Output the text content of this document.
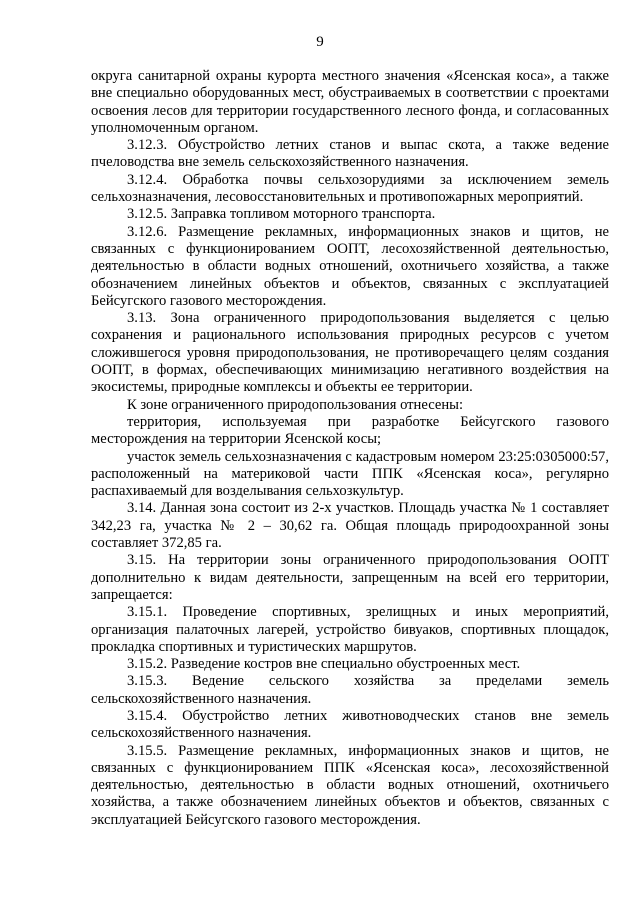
9

округа санитарной охраны курорта местного значения «Ясенская коса», а также вне специально оборудованных мест, обустраиваемых в соответствии с проектами освоения лесов для территории государственного лесного фонда, и согласованных уполномоченным органом.

3.12.3. Обустройство летних станов и выпас скота, а также ведение пчеловодства вне земель сельскохозяйственного назначения.

3.12.4. Обработка почвы сельхозорудиями за исключением земель сельхозназначения, лесовосстановительных и противопожарных мероприятий.

3.12.5. Заправка топливом моторного транспорта.

3.12.6. Размещение рекламных, информационных знаков и щитов, не связанных с функционированием ООПТ, лесохозяйственной деятельностью, деятельностью в области водных отношений, охотничьего хозяйства, а также обозначением линейных объектов и объектов, связанных с эксплуатацией Бейсугского газового месторождения.

3.13. Зона ограниченного природопользования выделяется с целью сохранения и рационального использования природных ресурсов с учетом сложившегося уровня природопользования, не противоречащего целям создания ООПТ, в формах, обеспечивающих минимизацию негативного воздействия на экосистемы, природные комплексы и объекты ее территории.

К зоне ограниченного природопользования отнесены:

территория, используемая при разработке Бейсугского газового месторождения на территории Ясенской косы;

участок земель сельхозназначения с кадастровым номером 23:25:0305000:57, расположенный на материковой части ППК «Ясенская коса», регулярно распахиваемый для возделывания сельхозкультур.

3.14. Данная зона состоит из 2-х участков. Площадь участка № 1 составляет 342,23 га, участка № 2 – 30,62 га. Общая площадь природоохранной зоны составляет 372,85 га.

3.15. На территории зоны ограниченного природопользования ООПТ дополнительно к видам деятельности, запрещенным на всей его территории, запрещается:

3.15.1. Проведение спортивных, зрелищных и иных мероприятий, организация палаточных лагерей, устройство бивуаков, спортивных площадок, прокладка спортивных и туристических маршрутов.

3.15.2. Разведение костров вне специально обустроенных мест.

3.15.3. Ведение сельского хозяйства за пределами земель сельскохозяйственного назначения.

3.15.4. Обустройство летних животноводческих станов вне земель сельскохозяйственного назначения.

3.15.5. Размещение рекламных, информационных знаков и щитов, не связанных с функционированием ППК «Ясенская коса», лесохозяйственной деятельностью, деятельностью в области водных отношений, охотничьего хозяйства, а также обозначением линейных объектов и объектов, связанных с эксплуатацией Бейсугского газового месторождения.
